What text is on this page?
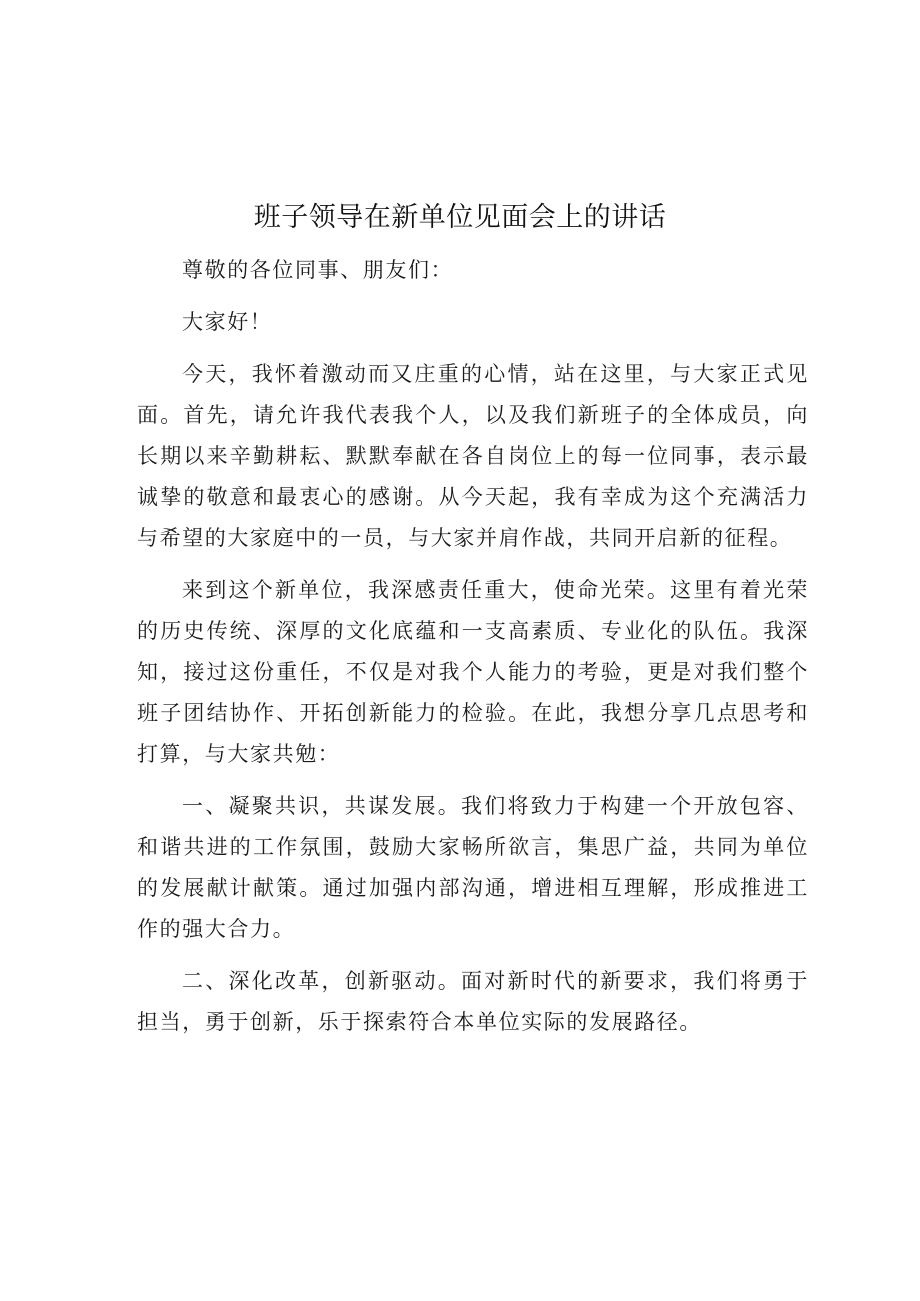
班子领导在新单位见面会上的讲话

尊敬的各位同事、朋友们：

大家好！

今天，我怀着激动而又庄重的心情，站在这里，与大家正式见面。首先，请允许我代表我个人，以及我们新班子的全体成员，向长期以来辛勤耕耘、默默奉献在各自岗位上的每一位同事，表示最诚挚的敬意和最衷心的感谢。从今天起，我有幸成为这个充满活力与希望的大家庭中的一员，与大家并肩作战，共同开启新的征程。

来到这个新单位，我深感责任重大，使命光荣。这里有着光荣的历史传统、深厚的文化底蕴和一支高素质、专业化的队伍。我深知，接过这份重任，不仅是对我个人能力的考验，更是对我们整个班子团结协作、开拓创新能力的检验。在此，我想分享几点思考和打算，与大家共勉：

一、凝聚共识，共谋发展。我们将致力于构建一个开放包容、和谐共进的工作氛围，鼓励大家畅所欲言，集思广益，共同为单位的发展献计献策。通过加强内部沟通，增进相互理解，形成推进工作的强大合力。

二、深化改革，创新驱动。面对新时代的新要求，我们将勇于担当，勇于创新，乐于探索符合本单位实际的发展路径。
